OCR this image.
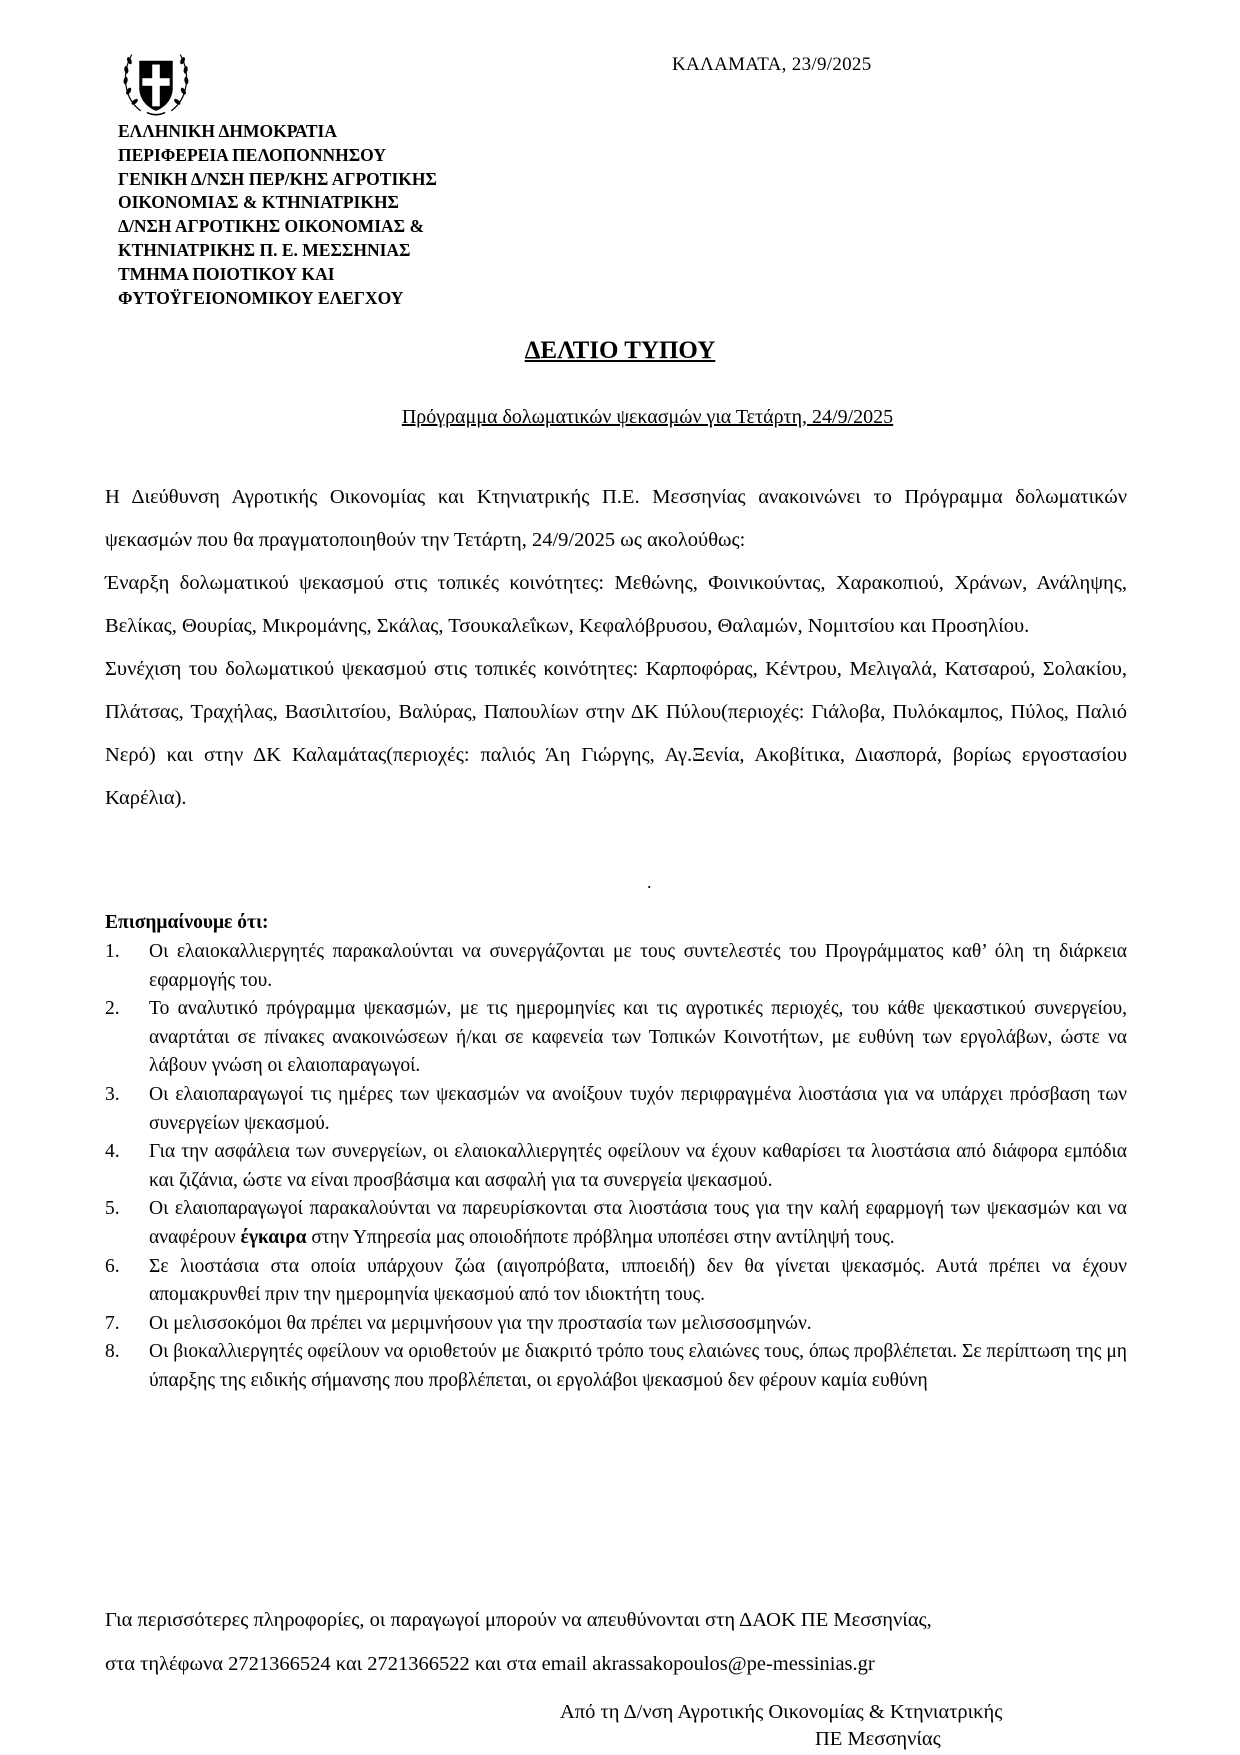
ΚΑΛΑΜΑΤΑ, 23/9/2025
ΕΛΛΗΝΙΚΗ ΔΗΜΟΚΡΑΤΙΑ
ΠΕΡΙΦΕΡΕΙΑ ΠΕΛΟΠΟΝΝΗΣΟΥ
ΓΕΝΙΚΗ Δ/ΝΣΗ ΠΕΡ/ΚΗΣ ΑΓΡΟΤΙΚΗΣ
ΟΙΚΟΝΟΜΙΑΣ & ΚΤΗΝΙΑΤΡΙΚΗΣ
Δ/ΝΣΗ ΑΓΡΟΤΙΚΗΣ ΟΙΚΟΝΟΜΙΑΣ &
ΚΤΗΝΙΑΤΡΙΚΗΣ Π. Ε. ΜΕΣΣΗΝΙΑΣ
ΤΜΗΜΑ ΠΟΙΟΤΙΚΟΥ ΚΑΙ
ΦΥΤΟΫΓΕΙΟΝΟΜΙΚΟΥ ΕΛΕΓΧΟΥ
ΔΕΛΤΙΟ ΤΥΠΟΥ
Πρόγραμμα δολωματικών ψεκασμών για Τετάρτη, 24/9/2025

Η Διεύθυνση Αγροτικής Οικονομίας και Κτηνιατρικής Π.Ε. Μεσσηνίας ανακοινώνει το Πρόγραμμα δολωματικών ψεκασμών που θα πραγματοποιηθούν την Τετάρτη, 24/9/2025 ως ακολούθως:

Έναρξη δολωματικού ψεκασμού στις τοπικές κοινότητες: Μεθώνης, Φοινικούντας, Χαρακοπιού, Χράνων, Ανάληψης, Βελίκας, Θουρίας, Μικρομάνης, Σκάλας, Τσουκαλεΐκων, Κεφαλόβρυσου, Θαλαμών, Νομιτσίου και Προσηλίου.

Συνέχιση του δολωματικού ψεκασμού στις τοπικές κοινότητες: Καρποφόρας, Κέντρου, Μελιγαλά, Κατσαρού, Σολακίου, Πλάτσας, Τραχήλας, Βασιλιτσίου, Βαλύρας, Παπουλίων στην ΔΚ Πύλου(περιοχές: Γιάλοβα, Πυλόκαμπος, Πύλος, Παλιό Νερό) και στην ΔΚ Καλαμάτας(περιοχές: παλιός Άη Γιώργης, Αγ.Ξενία, Ακοβίτικα, Διασπορά, βορίως εργοστασίου Καρέλια).

.
Επισημαίνουμε ότι:
1. Οι ελαιοκαλλιεργητές παρακαλούνται να συνεργάζονται με τους συντελεστές του Προγράμματος καθ’ όλη τη διάρκεια εφαρμογής του.
2. Το αναλυτικό πρόγραμμα ψεκασμών, με τις ημερομηνίες και τις αγροτικές περιοχές, του κάθε ψεκαστικού συνεργείου, αναρτάται σε πίνακες ανακοινώσεων ή/και σε καφενεία των Τοπικών Κοινοτήτων, με ευθύνη των εργολάβων, ώστε να λάβουν γνώση οι ελαιοπαραγωγοί.
3. Οι ελαιοπαραγωγοί τις ημέρες των ψεκασμών να ανοίξουν τυχόν περιφραγμένα λιοστάσια για να υπάρχει πρόσβαση των συνεργείων ψεκασμού.
4. Για την ασφάλεια των συνεργείων, οι ελαιοκαλλιεργητές οφείλουν να έχουν καθαρίσει τα λιοστάσια από διάφορα εμπόδια και ζιζάνια, ώστε να είναι προσβάσιμα και ασφαλή για τα συνεργεία ψεκασμού.
5. Οι ελαιοπαραγωγοί παρακαλούνται να παρευρίσκονται στα λιοστάσια τους για την καλή εφαρμογή των ψεκασμών και να αναφέρουν έγκαιρα στην Υπηρεσία μας οποιοδήποτε πρόβλημα υποπέσει στην αντίληψή τους.
6. Σε λιοστάσια στα οποία υπάρχουν ζώα (αιγοπρόβατα, ιπποειδή) δεν θα γίνεται ψεκασμός. Αυτά πρέπει να έχουν απομακρυνθεί πριν την ημερομηνία ψεκασμού από τον ιδιοκτήτη τους.
7. Οι μελισσοκόμοι θα πρέπει να μεριμνήσουν για την προστασία των μελισσοσμηνών.
8. Οι βιοκαλλιεργητές οφείλουν να οριοθετούν με διακριτό τρόπο τους ελαιώνες τους, όπως προβλέπεται. Σε περίπτωση της μη ύπαρξης της ειδικής σήμανσης που προβλέπεται, οι εργολάβοι ψεκασμού δεν φέρουν καμία ευθύνη

Για περισσότερες πληροφορίες, οι παραγωγοί μπορούν να απευθύνονται στη ΔΑΟΚ ΠΕ Μεσσηνίας,

στα τηλέφωνα 2721366524 και 2721366522 και στα email akrassakopoulos@pe-messinias.gr

Από τη Δ/νση Αγροτικής Οικονομίας & Κτηνιατρικής
ΠΕ Μεσσηνίας
